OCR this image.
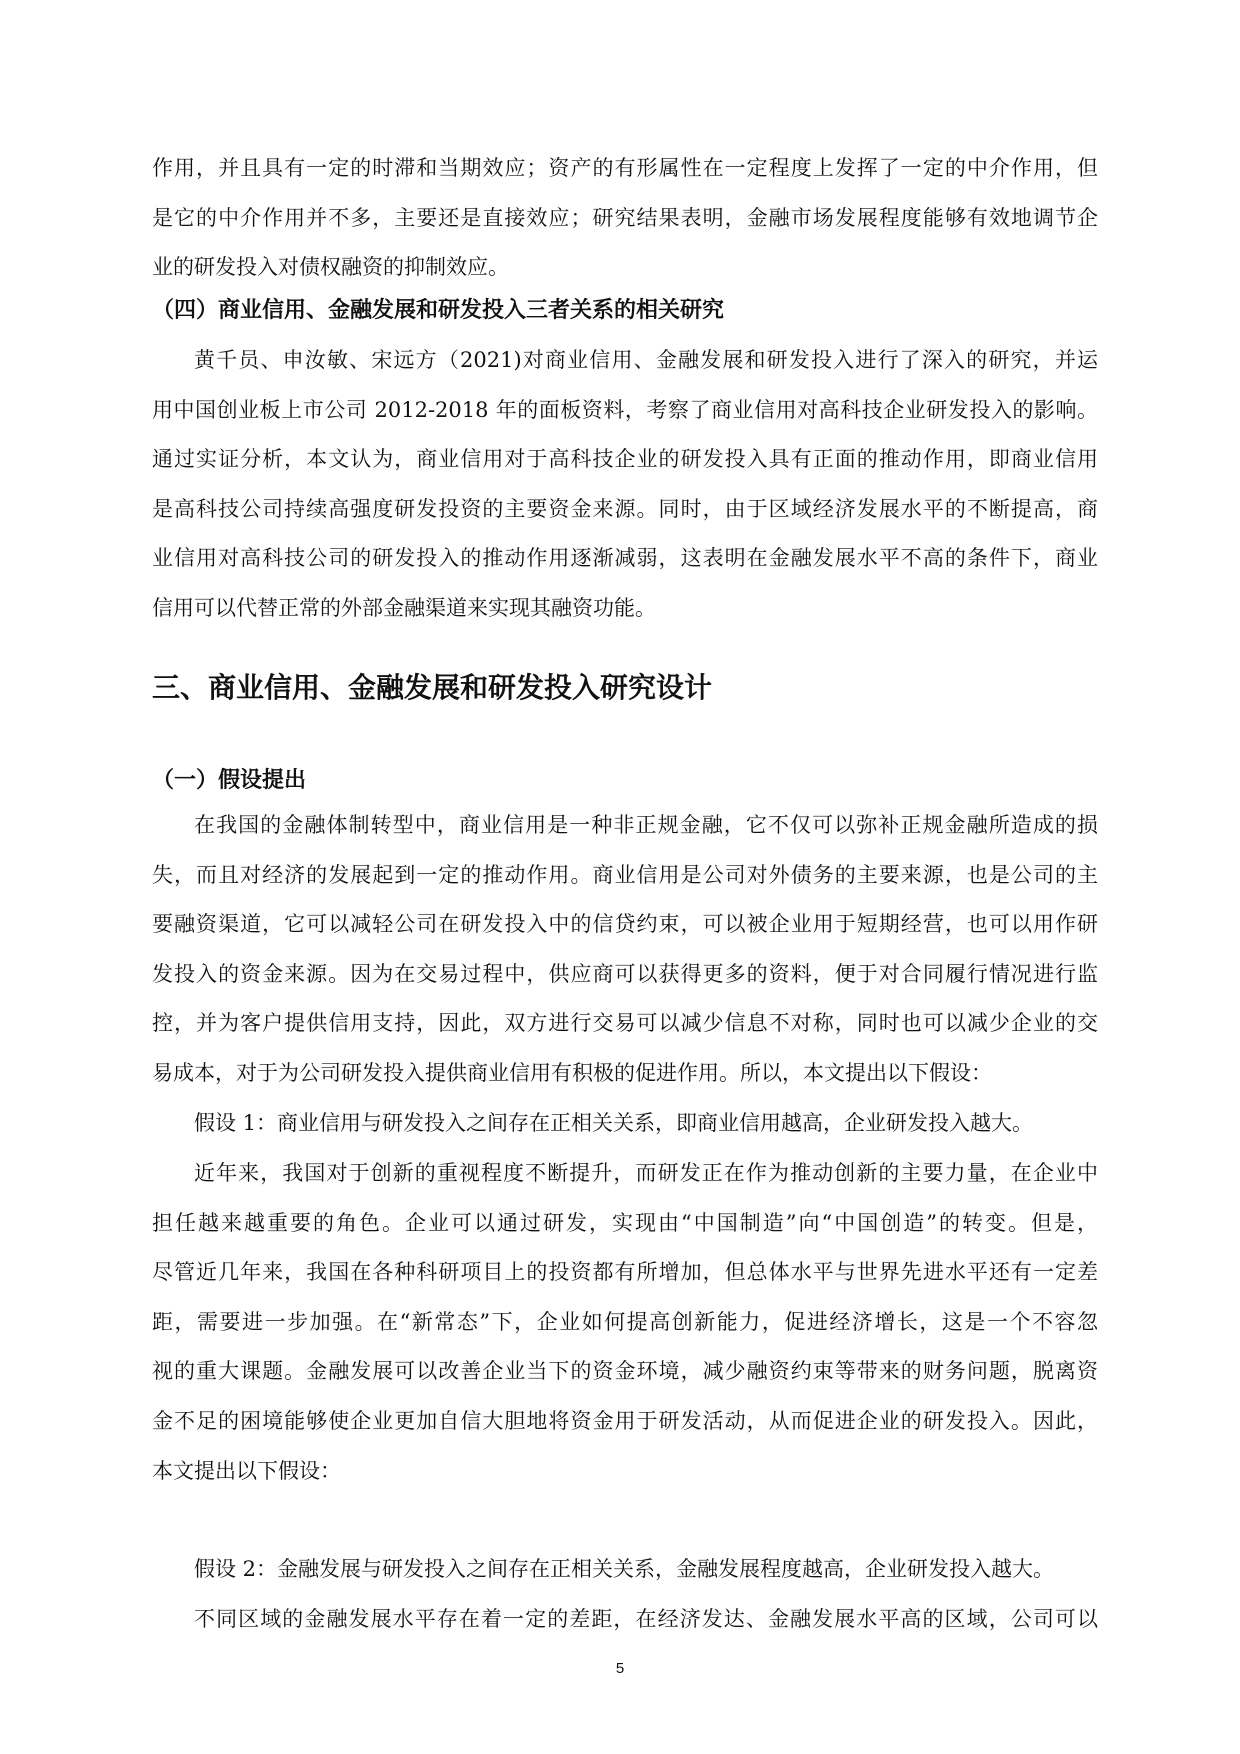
作用，并且具有一定的时滞和当期效应；资产的有形属性在一定程度上发挥了一定的中介作用，但
是它的中介作用并不多，主要还是直接效应；研究结果表明，金融市场发展程度能够有效地调节企
业的研发投入对债权融资的抑制效应。
（四）商业信用、金融发展和研发投入三者关系的相关研究
黄千员、申汝敏、宋远方（2021)对商业信用、金融发展和研发投入进行了深入的研究，并运
用中国创业板上市公司 2012-2018 年的面板资料，考察了商业信用对高科技企业研发投入的影响。
通过实证分析，本文认为，商业信用对于高科技企业的研发投入具有正面的推动作用，即商业信用
是高科技公司持续高强度研发投资的主要资金来源。同时，由于区域经济发展水平的不断提高，商
业信用对高科技公司的研发投入的推动作用逐渐减弱，这表明在金融发展水平不高的条件下，商业
信用可以代替正常的外部金融渠道来实现其融资功能。
三、商业信用、金融发展和研发投入研究设计
（一）假设提出
在我国的金融体制转型中，商业信用是一种非正规金融，它不仅可以弥补正规金融所造成的损
失，而且对经济的发展起到一定的推动作用。商业信用是公司对外债务的主要来源，也是公司的主
要融资渠道，它可以减轻公司在研发投入中的信贷约束，可以被企业用于短期经营，也可以用作研
发投入的资金来源。因为在交易过程中，供应商可以获得更多的资料，便于对合同履行情况进行监
控，并为客户提供信用支持，因此，双方进行交易可以减少信息不对称，同时也可以减少企业的交
易成本，对于为公司研发投入提供商业信用有积极的促进作用。所以，本文提出以下假设：
假设 1：商业信用与研发投入之间存在正相关关系，即商业信用越高，企业研发投入越大。
近年来，我国对于创新的重视程度不断提升，而研发正在作为推动创新的主要力量，在企业中
担任越来越重要的角色。企业可以通过研发，实现由“中国制造”向“中国创造”的转变。但是，
尽管近几年来，我国在各种科研项目上的投资都有所增加，但总体水平与世界先进水平还有一定差
距，需要进一步加强。在“新常态”下，企业如何提高创新能力，促进经济增长，这是一个不容忽
视的重大课题。金融发展可以改善企业当下的资金环境，减少融资约束等带来的财务问题，脱离资
金不足的困境能够使企业更加自信大胆地将资金用于研发活动，从而促进企业的研发投入。因此，
本文提出以下假设：
假设 2：金融发展与研发投入之间存在正相关关系，金融发展程度越高，企业研发投入越大。
不同区域的金融发展水平存在着一定的差距，在经济发达、金融发展水平高的区域，公司可以
5
